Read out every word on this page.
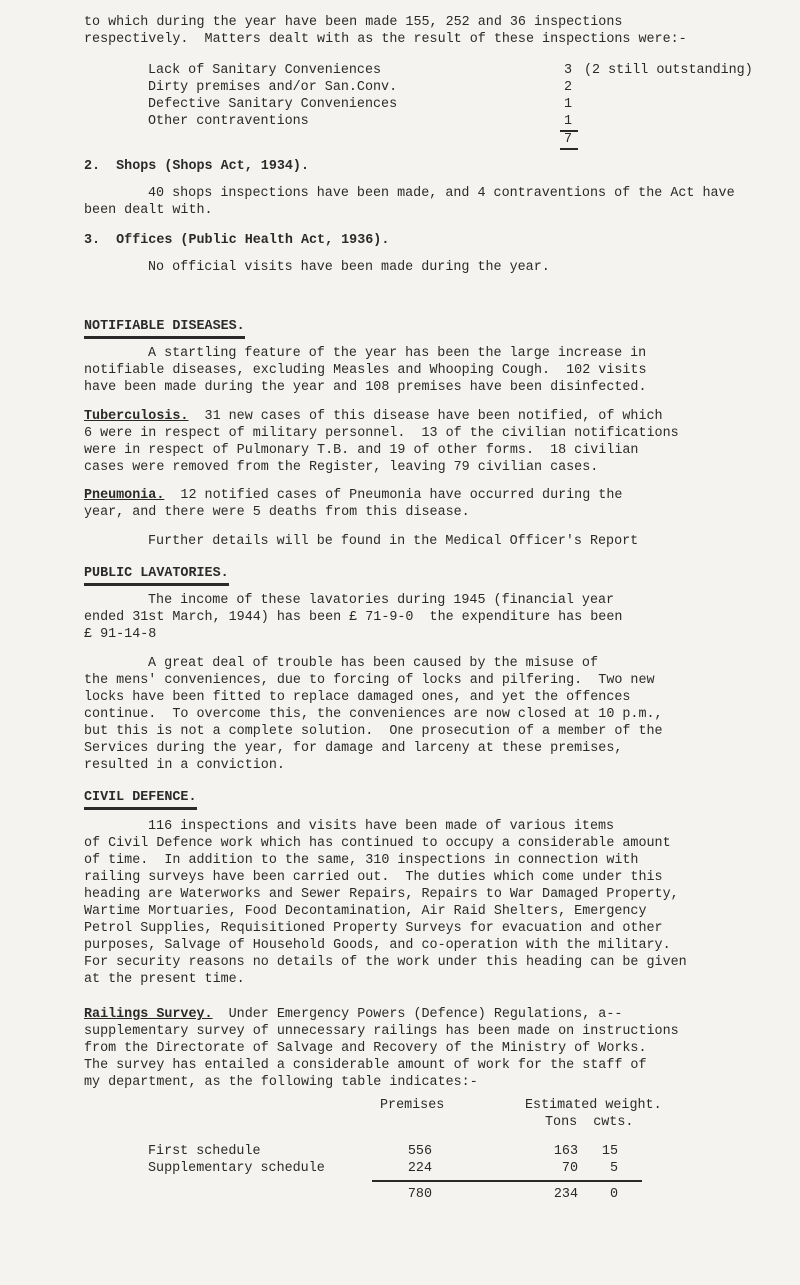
to which during the year have been made 155, 252 and 36 inspections
respectively.  Matters dealt with as the result of these inspections were:-
Lack of Sanitary Conveniences	3 (2 still outstanding)
Dirty premises and/or San.Conv.	2
Defective Sanitary Conveniences	1
Other contraventions	1
7
2.  Shops (Shops Act, 1934).
40 shops inspections have been made, and 4 contraventions of the Act have been dealt with.
3.  Offices (Public Health Act, 1936).
No official visits have been made during the year.
NOTIFIABLE DISEASES.
A startling feature of the year has been the large increase in
notifiable diseases, excluding Measles and Whooping Cough.  102 visits
have been made during the year and 108 premises have been disinfected.
Tuberculosis.  31 new cases of this disease have been notified, of which
6 were in respect of military personnel.  13 of the civilian notifications
were in respect of Pulmonary T.B. and 19 of other forms.  18 civilian
cases were removed from the Register, leaving 79 civilian cases.
Pneumonia.  12 notified cases of Pneumonia have occurred during the
year, and there were 5 deaths from this disease.
Further details will be found in the Medical Officer's Report
PUBLIC LAVATORIES.
The income of these lavatories during 1945 (financial year
ended 31st March, 1944) has been £ 71-9-0  the expenditure has been
£ 91-14-8
A great deal of trouble has been caused by the misuse of
the mens' conveniences, due to forcing of locks and pilfering.  Two new
locks have been fitted to replace damaged ones, and yet the offences
continue.  To overcome this, the conveniences are now closed at 10 p.m.,
but this is not a complete solution.  One prosecution of a member of the
Services during the year, for damage and larceny at these premises,
resulted in a conviction.
CIVIL DEFENCE.
116 inspections and visits have been made of various items
of Civil Defence work which has continued to occupy a considerable amount
of time.  In addition to the same, 310 inspections in connection with
railing surveys have been carried out.  The duties which come under this
heading are Waterworks and Sewer Repairs, Repairs to War Damaged Property,
Wartime Mortuaries, Food Decontamination, Air Raid Shelters, Emergency
Petrol Supplies, Requisitioned Property Surveys for evacuation and other
purposes, Salvage of Household Goods, and co-operation with the military.
For security reasons no details of the work under this heading can be given
at the present time.
Railings Survey.  Under Emergency Powers (Defence) Regulations, a--
supplementary survey of unnecessary railings has been made on instructions
from the Directorate of Salvage and Recovery of the Ministry of Works.
The survey has entailed a considerable amount of work for the staff of
my department, as the following table indicates:-
Premises	Estimated weight.
Tons  cwts.
First schedule	556	163	15
Supplementary schedule	224	70	5
780	234	0
